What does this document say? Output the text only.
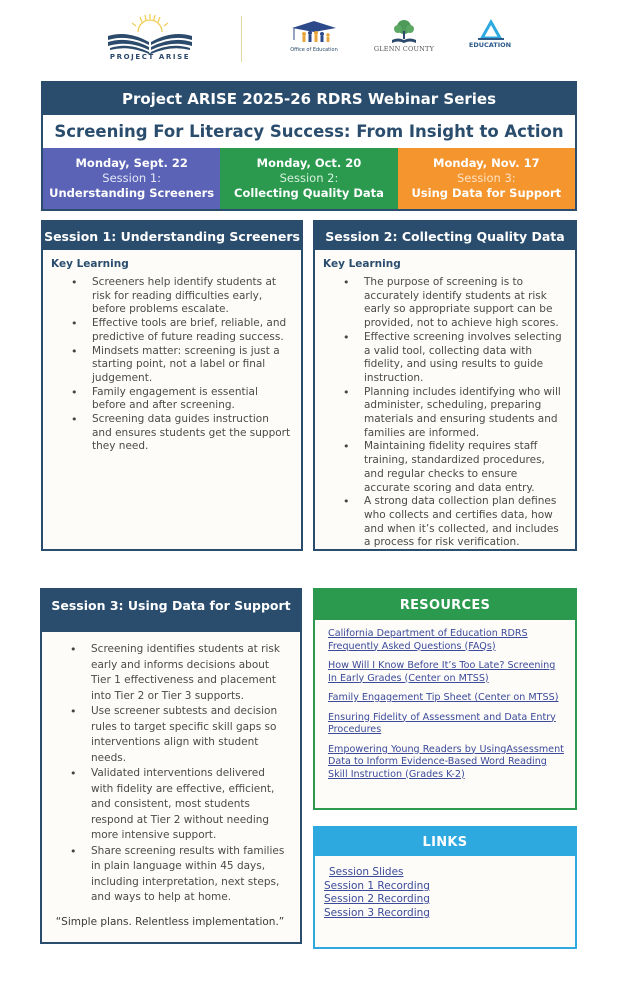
PROJECT ARISE
Office of Education	GLENN COUNTY	EDUCATION
Project ARISE 2025-26 RDRS Webinar Series
Screening For Literacy Success: From Insight to Action
Monday, Sept. 22
Session 1:
Understanding Screeners
Monday, Oct. 20
Session 2:
Collecting Quality Data
Monday, Nov. 17
Session 3:
Using Data for Support
Session 1: Understanding Screeners
Key Learning
• Screeners help identify students at risk for reading difficulties early, before problems escalate.
• Effective tools are brief, reliable, and predictive of future reading success.
• Mindsets matter: screening is just a starting point, not a label or final judgement.
• Family engagement is essential before and after screening.
• Screening data guides instruction and ensures students get the support they need.
Session 2: Collecting Quality Data
Key Learning
• The purpose of screening is to accurately identify students at risk early so appropriate support can be provided, not to achieve high scores.
• Effective screening involves selecting a valid tool, collecting data with fidelity, and using results to guide instruction.
• Planning includes identifying who will administer, scheduling, preparing materials and ensuring students and families are informed.
• Maintaining fidelity requires staff training, standardized procedures, and regular checks to ensure accurate scoring and data entry.
• A strong data collection plan defines who collects and certifies data, how and when it’s collected, and includes a process for risk verification.
Session 3: Using Data for Support
• Screening identifies students at risk early and informs decisions about Tier 1 effectiveness and placement into Tier 2 or Tier 3 supports.
• Use screener subtests and decision rules to target specific skill gaps so interventions align with student needs.
• Validated interventions delivered with fidelity are effective, efficient, and consistent, most students respond at Tier 2 without needing more intensive support.
• Share screening results with families in plain language within 45 days, including interpretation, next steps, and ways to help at home.
“Simple plans. Relentless implementation.”
RESOURCES
California Department of Education RDRS Frequently Asked Questions (FAQs)
How Will I Know Before It’s Too Late? Screening In Early Grades (Center on MTSS)
Family Engagement Tip Sheet (Center on MTSS)
Ensuring Fidelity of Assessment and Data Entry Procedures
Empowering Young Readers by UsingAssessment Data to Inform Evidence-Based Word Reading Skill Instruction (Grades K-2)
LINKS
Session Slides
Session 1 Recording
Session 2 Recording
Session 3 Recording
